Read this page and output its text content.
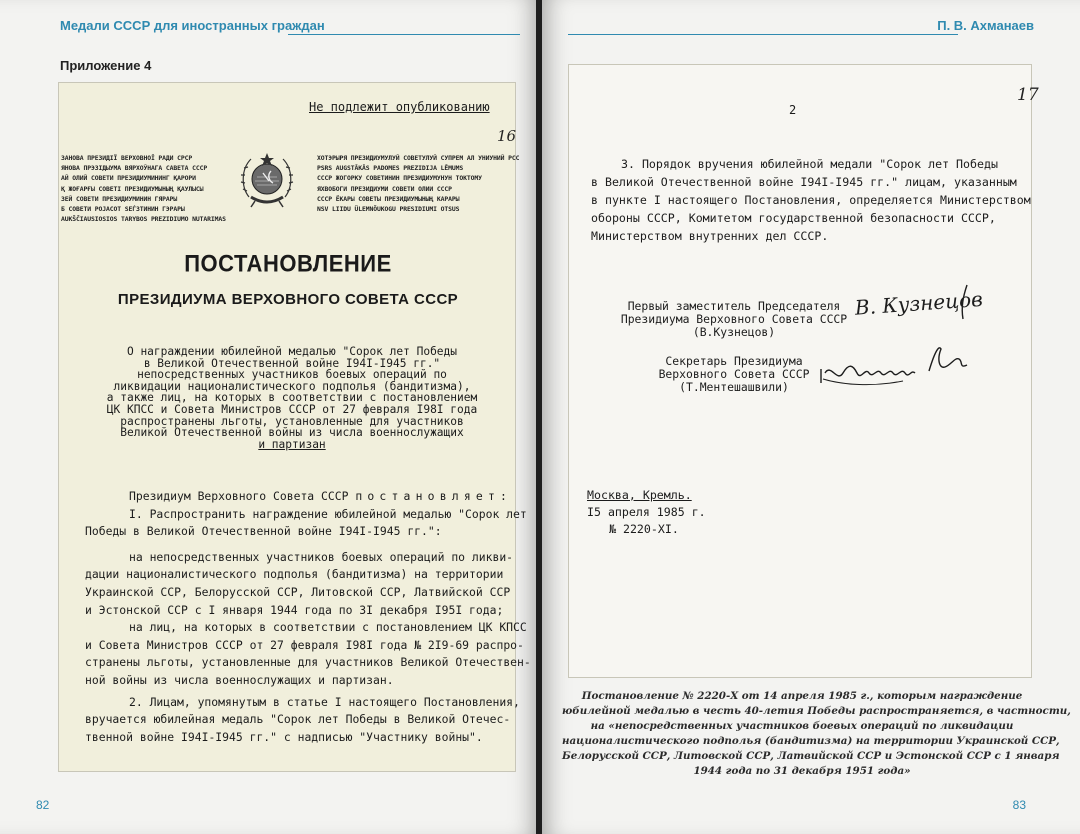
Медали СССР для иностранных граждан
Приложение 4
Не подлежит опубликованию
16
ЗАНОВА ПРЕЗИДІЇ ВЕРХОВНОЇ РАДИ СРСР
ЯНОВА ПРЭЗІДЫУМА ВЯРХОЎНАГА САВЕТА СССР
АЙ ОЛИЙ СОВЕТИ ПРЕЗИДИУМИНИНГ ҚАРОРИ
Қ ЖОҒАРҒЫ СОВЕТІ ПРЕЗИДИУМЫНЫҢ ҚАУЛЫСЫ
ЗЕЙ СОВЕТИ ПРЕЗИДИУМИНИН ГЯРАРЫ
Б СОВЕТИ РОЈАСОТ ЅЕЃЗТИНИН ГЭРАРЫ
AUKŠČIAUSIOSIOS TARYBOS PREZIDIUMO NUTARIMAS
ХОТЭРЫРЯ ПРЕЗИДИУМУЛУЙ СОВЕТУЛУЙ СУПРЕМ АЛ УНИУНИЙ РСС
PSRS AUGSTĀKĀS PADOMES PREZIDIJA LĒMUMS
СССР ЖОГОРКУ СОВЕТИНИН ПРЕЗИДИУМУНУН ТОКТОМУ
ЯХВОБОГИ ПРЕЗИДИУМИ СОВЕТИ ОЛИИ СССР
СССР ЁКАРЫ СОВЕТЫ ПРЕЗИДИУМЫНЫҢ КАРАРЫ
NSV LIIDU ÜLEMNÕUKOGU PRESIDIUMI OTSUS
ПОСТАНОВЛЕНИЕ
ПРЕЗИДИУМА ВЕРХОВНОГО СОВЕТА СССР
О награждении юбилейной медалью "Сорок лет Победы
в Великой Отечественной войне I94I-I945 гг."
непосредственных участников боевых операций по
ликвидации националистического подполья (бандитизма),
а также лиц, на которых в соответствии с постановлением
ЦК КПСС и Совета Министров СССР от 27 февраля I98I года
распространены льготы, установленные для участников
Великой Отечественной войны из числа военнослужащих
и партизан
Президиум Верховного Совета СССР постановляет:
I. Распространить награждение юбилейной медалью "Сорок лет
Победы в Великой Отечественной войне I94I-I945 гг.":
на непосредственных участников боевых операций по ликви-
дации националистического подполья (бандитизма) на территории
Украинской ССР, Белорусской ССР, Литовской ССР, Латвийской ССР
и Эстонской ССР с I января 1944 года по 3I декабря I95I года;
на лиц, на которых в соответствии с постановлением ЦК КПСС
и Совета Министров СССР от 27 февраля I98I года № 2I9-69 распро-
странены льготы, установленные для участников Великой Отечествен-
ной войны из числа военнослужащих и партизан.
2. Лицам, упомянутым в статье I настоящего Постановления,
вручается юбилейная медаль "Сорок лет Победы в Великой Отечес-
твенной войне I94I-I945 гг." с надписью "Участнику войны".
82
П. В. Ахманаев
17
2
3. Порядок вручения юбилейной медали "Сорок лет Победы
в Великой Отечественной войне I94I-I945 гг." лицам, указанным
в пункте I настоящего Постановления, определяется Министерством
обороны СССР, Комитетом государственной безопасности СССР,
Министерством внутренних дел СССР.
Первый заместитель Председателя
Президиума Верховного Совета СССР
(В.Кузнецов)
В. Кузнецов
Секретарь Президиума
Верховного Совета СССР
(Т.Ментешашвили)
Москва, Кремль.
I5 апреля 1985 г.
№ 2220-XI.
Постановление № 2220-Х от 14 апреля 1985 г., которым награждение
юбилейной медалью в честь 40-летия Победы распространяется, в частности,
на «непосредственных участников боевых операций по ликвидации
националистического подполья (бандитизма) на территории Украинской ССР,
Белорусской ССР, Литовской ССР, Латвийской ССР и Эстонской ССР с 1 января
1944 года по 31 декабря 1951 года»
83
